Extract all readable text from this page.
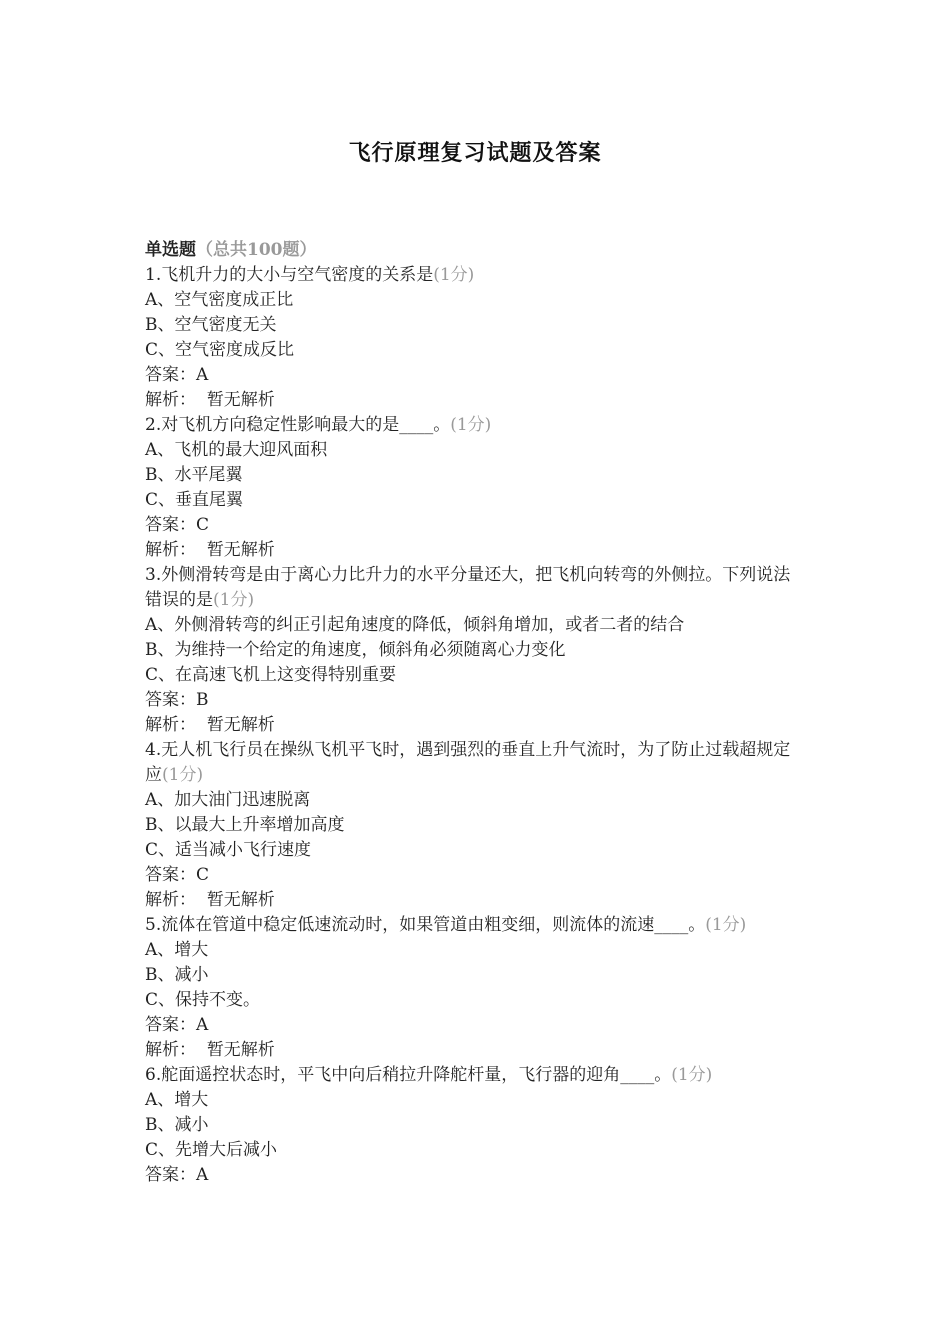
飞行原理复习试题及答案
单选题（总共100题）
1.飞机升力的大小与空气密度的关系是(1分)
A、空气密度成正比
B、空气密度无关
C、空气密度成反比
答案：A
解析： 暂无解析
2.对飞机方向稳定性影响最大的是____。(1分)
A、飞机的最大迎风面积
B、水平尾翼
C、垂直尾翼
答案：C
解析： 暂无解析
3.外侧滑转弯是由于离心力比升力的水平分量还大，把飞机向转弯的外侧拉。下列说法错误的是(1分)
A、外侧滑转弯的纠正引起角速度的降低，倾斜角增加，或者二者的结合
B、为维持一个给定的角速度，倾斜角必须随离心力变化
C、在高速飞机上这变得特别重要
答案：B
解析： 暂无解析
4.无人机飞行员在操纵飞机平飞时，遇到强烈的垂直上升气流时，为了防止过载超规定应(1分)
A、加大油门迅速脱离
B、以最大上升率增加高度
C、适当减小飞行速度
答案：C
解析： 暂无解析
5.流体在管道中稳定低速流动时，如果管道由粗变细，则流体的流速____。(1分)
A、增大
B、减小
C、保持不变。
答案：A
解析： 暂无解析
6.舵面遥控状态时，平飞中向后稍拉升降舵杆量，飞行器的迎角____。(1分)
A、增大
B、减小
C、先增大后减小
答案：A
